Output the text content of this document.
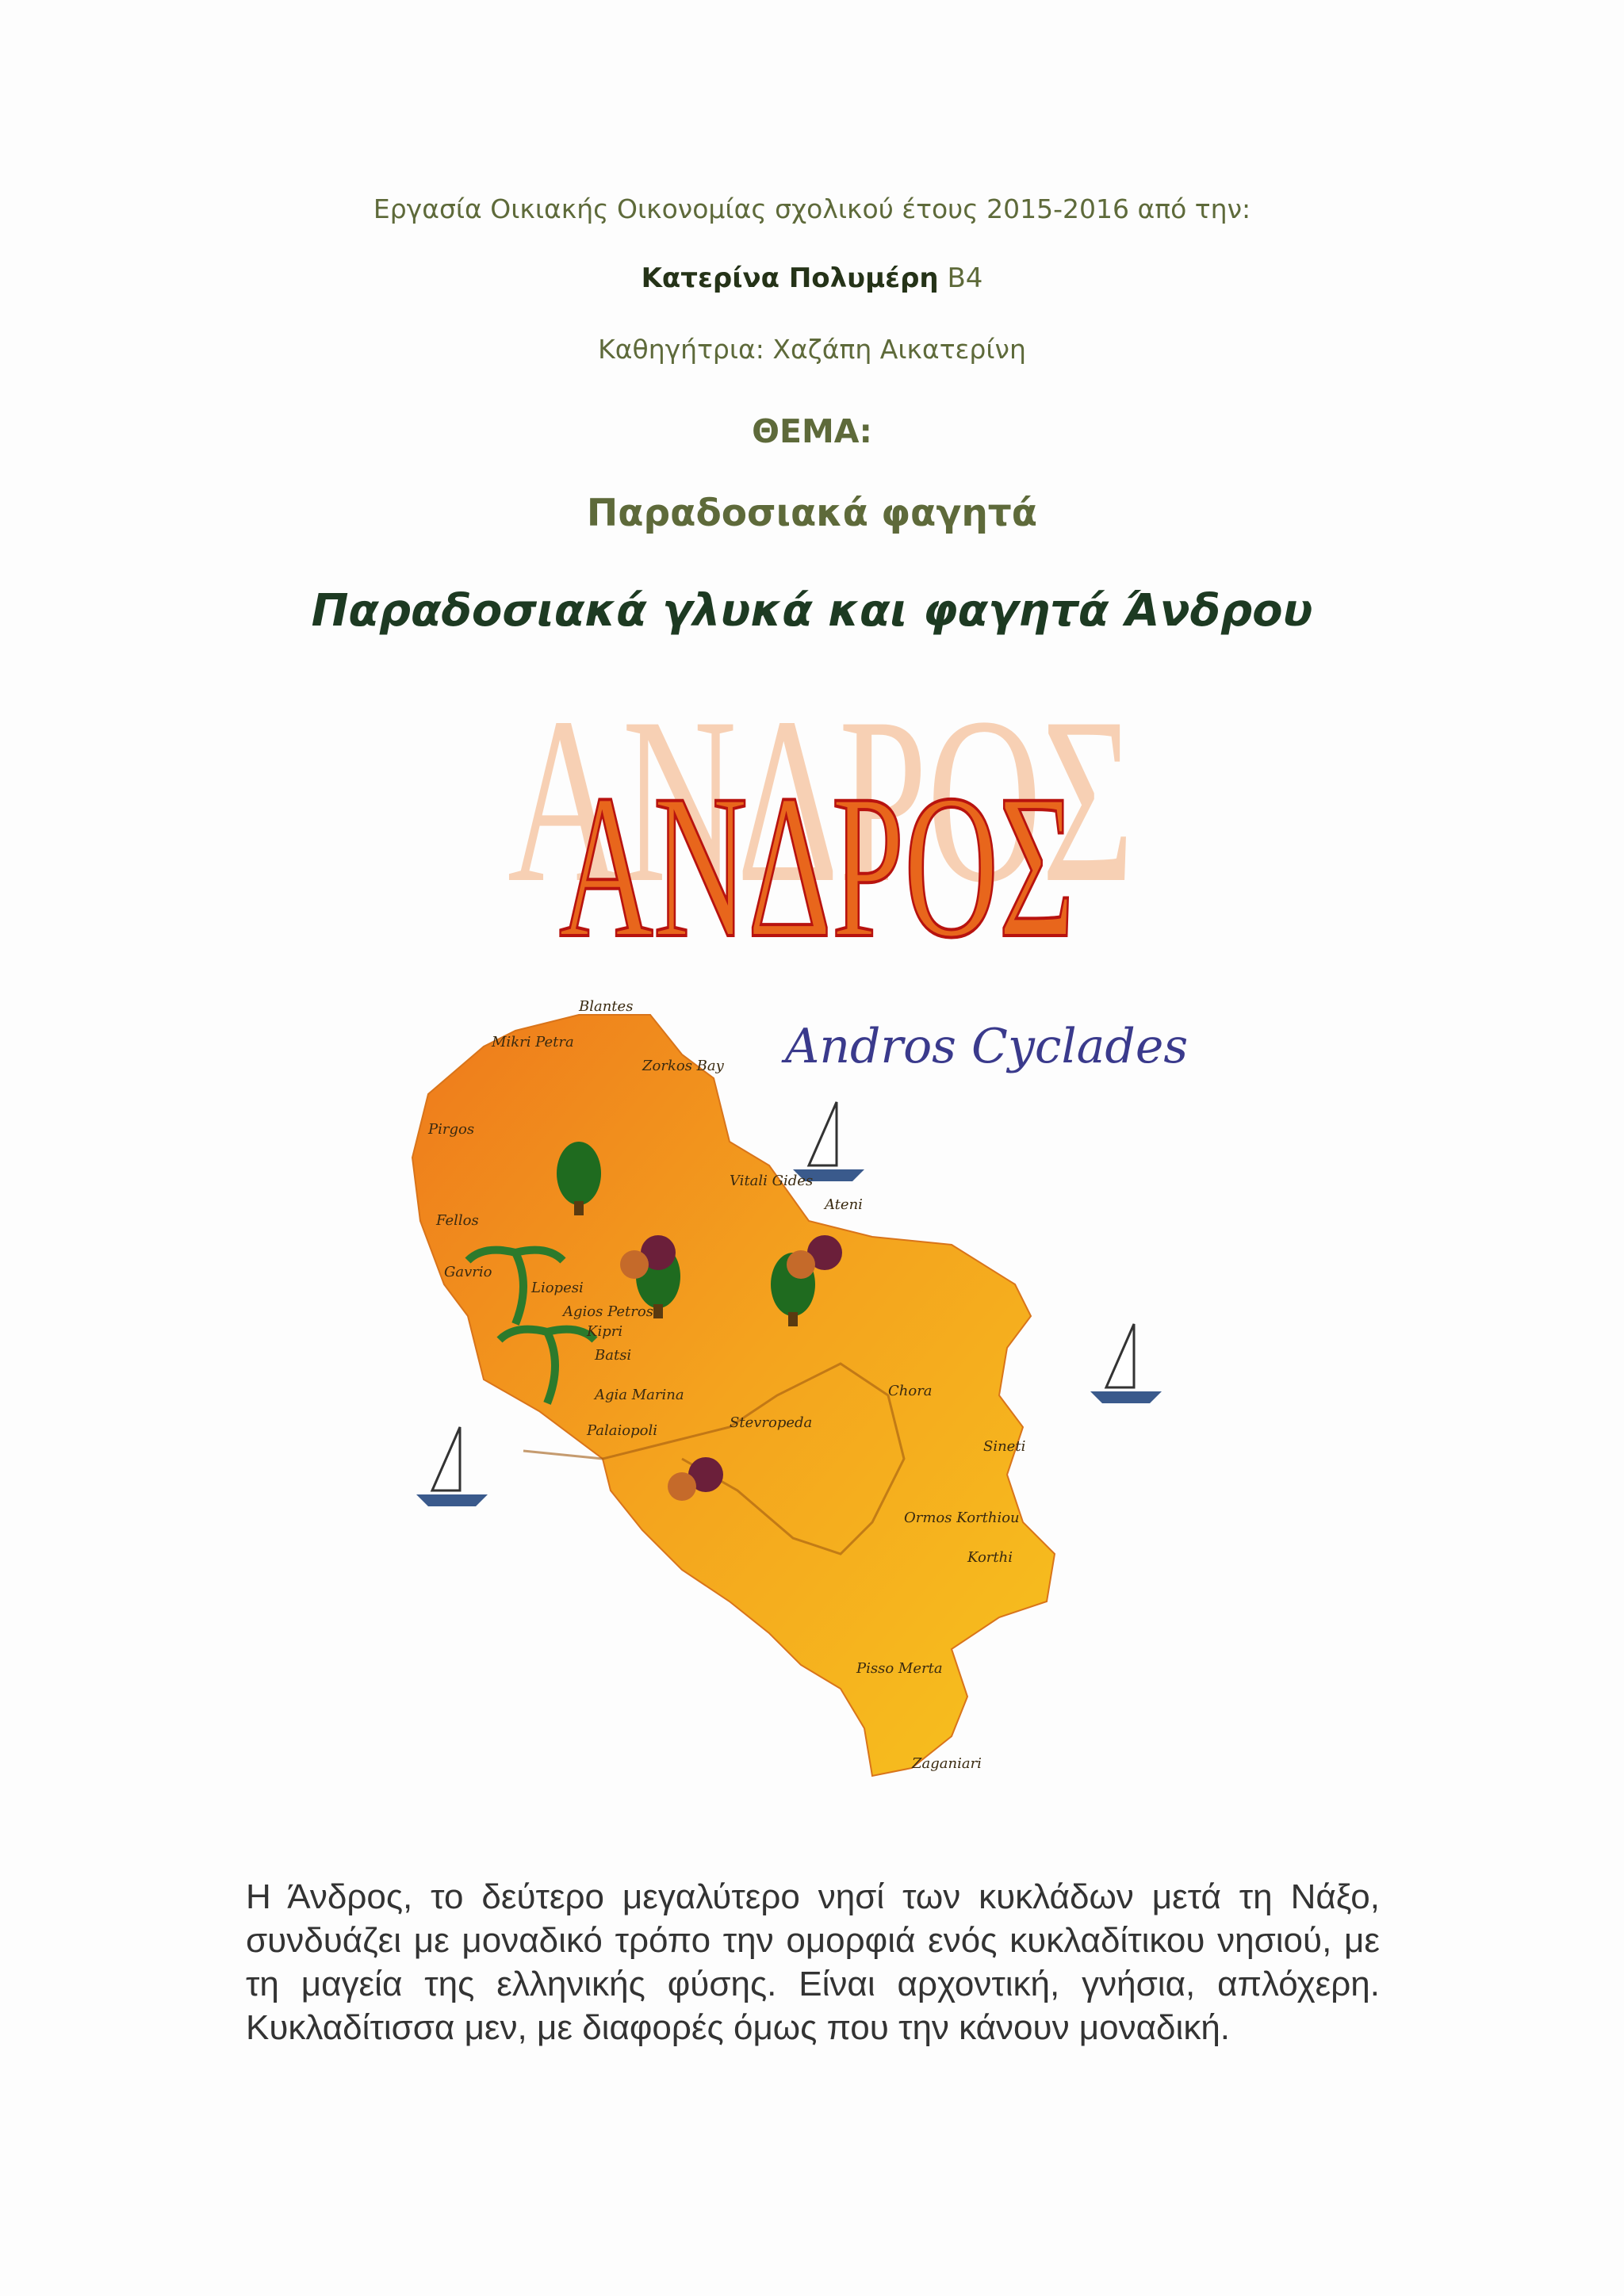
Εργασία Οικιακής Οικονομίας σχολικού έτους 2015-2016 από την:
Κατερίνα Πολυμέρη Β4
Καθηγήτρια: Χαζάπη Αικατερίνη
ΘΕΜΑ:
Παραδοσιακά φαγητά
Παραδοσιακά γλυκά και φαγητά Άνδρου
ΑΝΔΡΟΣ
ΑΝΔΡΟΣ
Andros Cyclades
Blantes
Mikri Petra
Zorkos Bay
Pirgos
Vitali Gides
Ateni
Fellos
Gavrio
Liopesi
Agios Petros
Kipri
Batsi
Agia Marina
Stevropeda
Palaiopoli
Chora
Sineti
Korthi
Ormos Korthiou
Pisso Merta
Zaganiari
Η Άνδρος, το δεύτερο μεγαλύτερο νησί των κυκλάδων μετά τη Νάξο, συνδυάζει με μοναδικό τρόπο την ομορφιά ενός κυκλαδίτικου νησιού, με τη μαγεία της ελληνικής φύσης. Είναι αρχοντική, γνήσια, απλόχερη. Κυκλαδίτισσα μεν, με διαφορές όμως που την κάνουν μοναδική.
